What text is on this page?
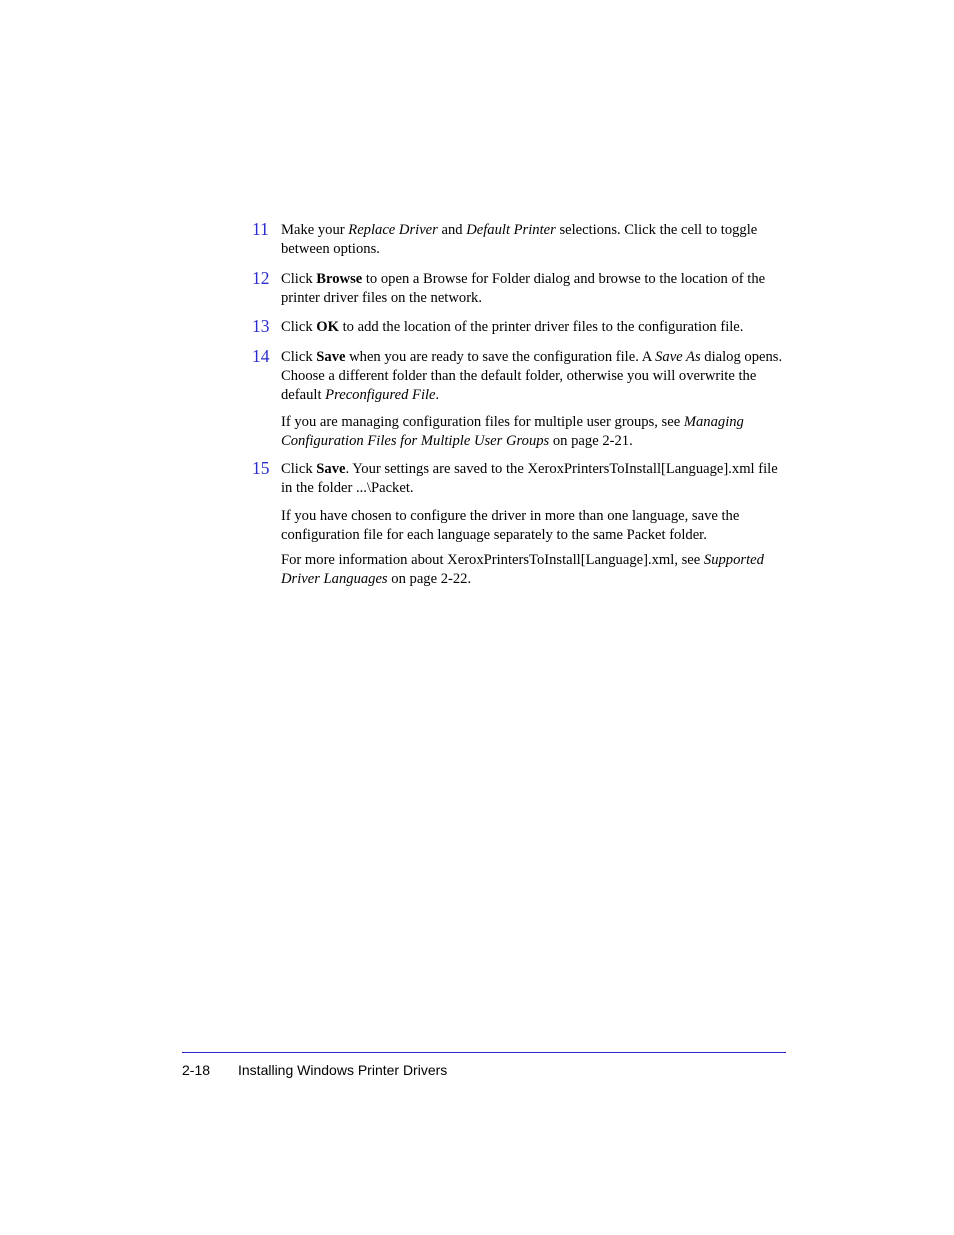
11 Make your Replace Driver and Default Printer selections. Click the cell to toggle between options.
12 Click Browse to open a Browse for Folder dialog and browse to the location of the printer driver files on the network.
13 Click OK to add the location of the printer driver files to the configuration file.
14 Click Save when you are ready to save the configuration file. A Save As dialog opens. Choose a different folder than the default folder, otherwise you will overwrite the default Preconfigured File.

If you are managing configuration files for multiple user groups, see Managing Configuration Files for Multiple User Groups on page 2-21.

15 Click Save. Your settings are saved to the XeroxPrintersToInstall[Language].xml file in the folder ...\Packet.

If you have chosen to configure the driver in more than one language, save the configuration file for each language separately to the same Packet folder.

For more information about XeroxPrintersToInstall[Language].xml, see Supported Driver Languages on page 2-22.

2-18 Installing Windows Printer Drivers
